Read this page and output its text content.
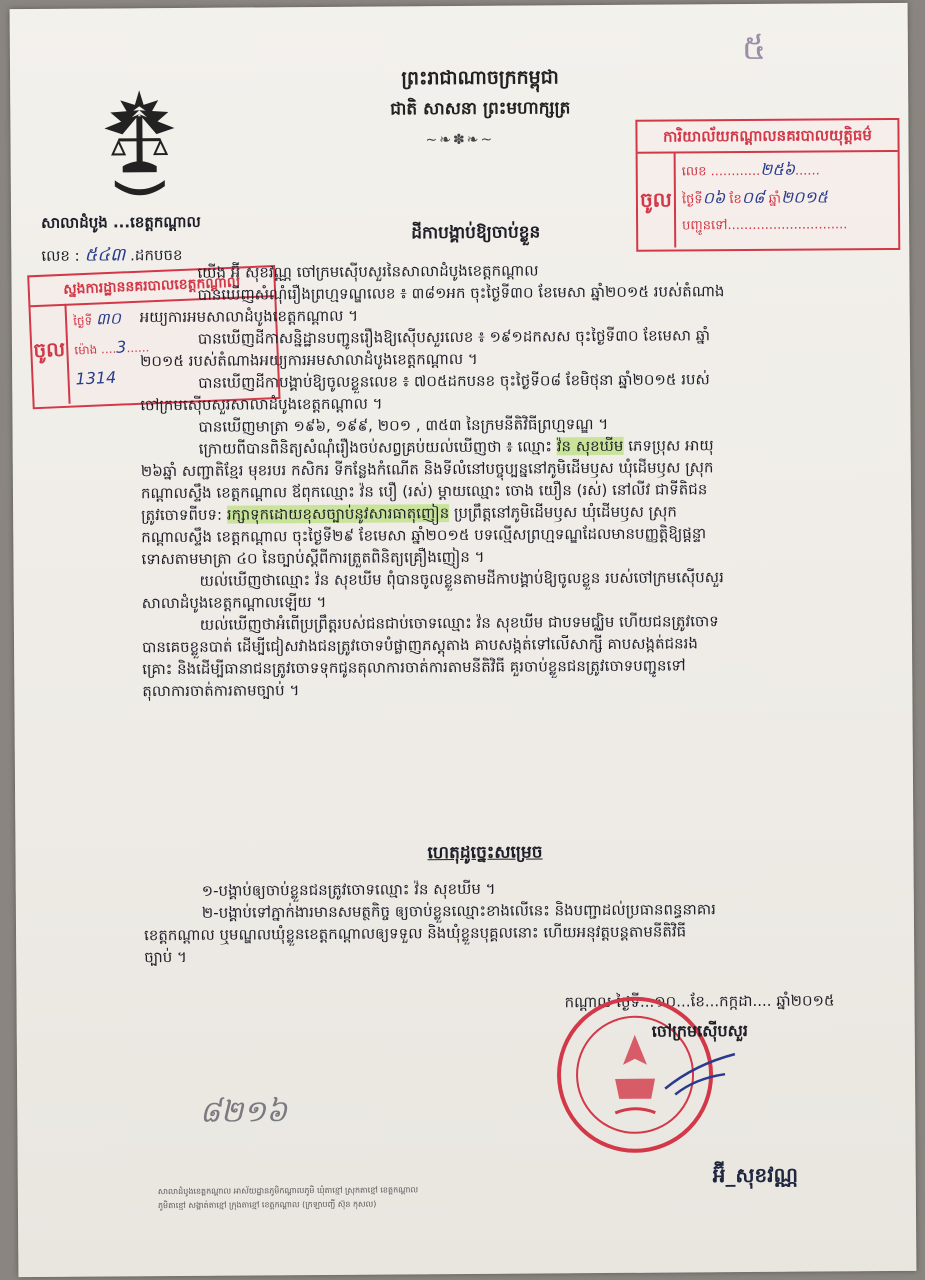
៥
ព្រះរាជាណាចក្រកម្ពុជា
ជាតិ សាសនា ព្រះមហាក្សត្រ
~❧✽❧~	ការិយាល័យកណ្តាលនគរបាលយុត្តិធម៌
ចូល
លេខ ............២៥៦......
ថ្ងៃទី០៦ ខែ០៨ ឆ្នាំ២០១៥
បញ្ជូនទៅ.............................
សាលាដំបូង ...ខេត្តកណ្តាល
លេខ : ៥៤៣ .ដកបចខ
ដីកាបង្គាប់ឱ្យចាប់ខ្លួន
ស្នងការដ្ឋាននគរបាលខេត្តកណ្តាល
ចូល
ថ្ងៃទី ៣០
ម៉ោង ....3......
1314
យើង អ៊ី សុខវណ្ណ ចៅក្រមស៊ើបសួរនៃសាលាដំបូងខេត្តកណ្តាល
បានឃើញសំណុំរឿងព្រហ្មទណ្ឌលេខ ៖ ៣៨១អក ចុះថ្ងៃទី៣០ ខែមេសា ឆ្នាំ២០១៥ របស់តំណាង
អយ្យការអមសាលាដំបូងខេត្តកណ្តាល ។
បានឃើញដីកាសន្និដ្ឋានបញ្ជូនរឿងឱ្យស៊ើបសួរលេខ ៖ ១៩១ដកសស ចុះថ្ងៃទី៣០ ខែមេសា ឆ្នាំ
២០១៥ របស់តំណាងអយ្យការអមសាលាដំបូងខេត្តកណ្តាល ។
បានឃើញដីកាបង្គាប់ឱ្យចូលខ្លួនលេខ ៖ ៧០៥ដកបនខ ចុះថ្ងៃទី០៨ ខែមិថុនា ឆ្នាំ២០១៥ របស់
ចៅក្រមស៊ើបសួរសាលាដំបូងខេត្តកណ្តាល ។
បានឃើញមាត្រា ១៩៦, ១៩៩, ២០១ , ៣៥៣ នៃក្រមនីតិវិធីព្រហ្មទណ្ឌ ។
ក្រោយពីបានពិនិត្យសំណុំរឿងចប់សព្វគ្រប់យល់ឃើញថា ៖ ឈ្មោះ វ៉ន សុខឃីម ភេទប្រុស អាយុ
២៦ឆ្នាំ សញ្ជាតិខ្មែរ មុខរបរ កសិករ ទីកន្លែងកំណើត និងទីលំនៅបច្ចុប្បន្ននៅភូមិដើមឫស ឃុំដើមឫស ស្រុក
កណ្តាលស្ទឹង ខេត្តកណ្តាល ឪពុកឈ្មោះ វ៉ន បឿ (រស់) ម្តាយឈ្មោះ ចោង យឿន (រស់) នៅលីវ ជាទីតិជន
ត្រូវចោទពីបទ: រក្សាទុកដោយខុសច្បាប់នូវសារធាតុញៀន ប្រព្រឹត្តនៅភូមិដើមឫស ឃុំដើមឫស ស្រុក
កណ្តាលស្ទឹង ខេត្តកណ្តាល ចុះថ្ងៃទី២៩ ខែមេសា ឆ្នាំ២០១៥ បទល្មើសព្រហ្មទណ្ឌដែលមានបញ្ញត្តិឱ្យផ្តន្ទា
ទោសតាមមាត្រា ៤០ នៃច្បាប់ស្តីពីការត្រួតពិនិត្យគ្រឿងញៀន ។
យល់ឃើញថាឈ្មោះ វ៉ន សុខឃីម ពុំបានចូលខ្លួនតាមដីកាបង្គាប់ឱ្យចូលខ្លួន របស់ចៅក្រមស៊ើបសួរ
សាលាដំបូងខេត្តកណ្តាលឡើយ ។
យល់ឃើញថាអំពើប្រព្រឹត្តរបស់ជនជាប់ចោទឈ្មោះ វ៉ន សុខឃីម ជាបទមជ្ឈិម ហើយជនត្រូវចោទ
បានគេចខ្លួនបាត់ ដើម្បីជៀសវាងជនត្រូវចោទបំផ្លាញភស្តុតាង គាបសង្កត់ទៅលើសាក្សី គាបសង្កត់ជនរង
គ្រោះ និងដើម្បីធានាជនត្រូវចោទទុកជូនតុលាការចាត់ការតាមនីតិវិធី គួរចាប់ខ្លួនជនត្រូវចោទបញ្ជូនទៅ
តុលាការចាត់ការតាមច្បាប់ ។
ហេតុដូច្នេះសម្រេច
១-បង្គាប់ឲ្យចាប់ខ្លួនជនត្រូវចោទឈ្មោះ វ៉ន សុខឃីម ។
២-បង្គាប់ទៅភ្នាក់ងារមានសមត្ថកិច្ច ឲ្យចាប់ខ្លួនឈ្មោះខាងលើនេះ និងបញ្ជាដល់ប្រធានពន្ធនាគារ
ខេត្តកណ្តាល ឬមណ្ឌលឃុំខ្លួនខេត្តកណ្តាលឲ្យទទួល និងឃុំខ្លួនបុគ្គលនោះ ហើយអនុវត្តបន្តតាមនីតិវិធី
ច្បាប់ ។
កណ្តាល ថ្ងៃទី...១០...ខែ...កក្កដា.... ឆ្នាំ២០១៥
ចៅក្រមស៊ើបសួរ
អ៊ី_សុខវណ្ណ
៨២១៦
សាលាដំបូងខេត្តកណ្តាល អាស័យដ្ឋានភូមិកណ្តាលភូមិ ឃុំតាខ្មៅ ស្រុកតាខ្មៅ ខេត្តកណ្តាល
ភូមិតាខ្មៅ សង្កាត់តាខ្មៅ ក្រុងតាខ្មៅ ខេត្តកណ្តាល (ក្រឡាបញ្ជី ស៊ុន កុសល)
